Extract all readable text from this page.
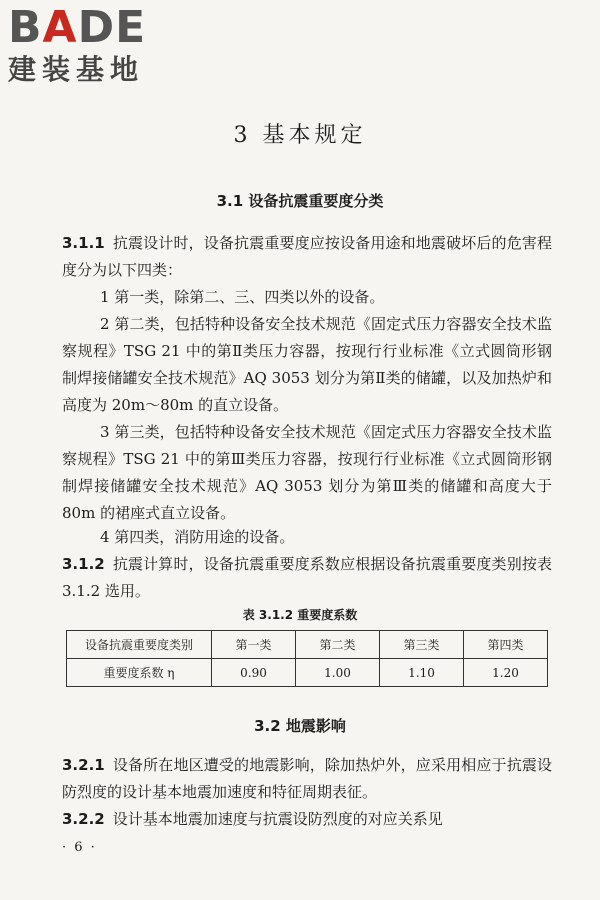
BADE
建装基地
3 基本规定
3.1 设备抗震重要度分类
3.1.1 抗震设计时，设备抗震重要度应按设备用途和地震破坏后的危害程度分为以下四类：
1 第一类，除第二、三、四类以外的设备。
2 第二类，包括特种设备安全技术规范《固定式压力容器安全技术监察规程》TSG 21 中的第Ⅱ类压力容器，按现行行业标准《立式圆筒形钢制焊接储罐安全技术规范》AQ 3053 划分为第Ⅱ类的储罐，以及加热炉和高度为 20m～80m 的直立设备。
3 第三类，包括特种设备安全技术规范《固定式压力容器安全技术监察规程》TSG 21 中的第Ⅲ类压力容器，按现行行业标准《立式圆筒形钢制焊接储罐安全技术规范》AQ 3053 划分为第Ⅲ类的储罐和高度大于 80m 的裙座式直立设备。
4 第四类，消防用途的设备。
3.1.2 抗震计算时，设备抗震重要度系数应根据设备抗震重要度类别按表 3.1.2 选用。
表 3.1.2 重要度系数
设备抗震重要度类别	第一类	第二类	第三类	第四类
重要度系数 η	0.90	1.00	1.10	1.20
3.2 地震影响
3.2.1 设备所在地区遭受的地震影响，除加热炉外，应采用相应于抗震设防烈度的设计基本地震加速度和特征周期表征。
3.2.2 设计基本地震加速度与抗震设防烈度的对应关系见
· 6 ·
